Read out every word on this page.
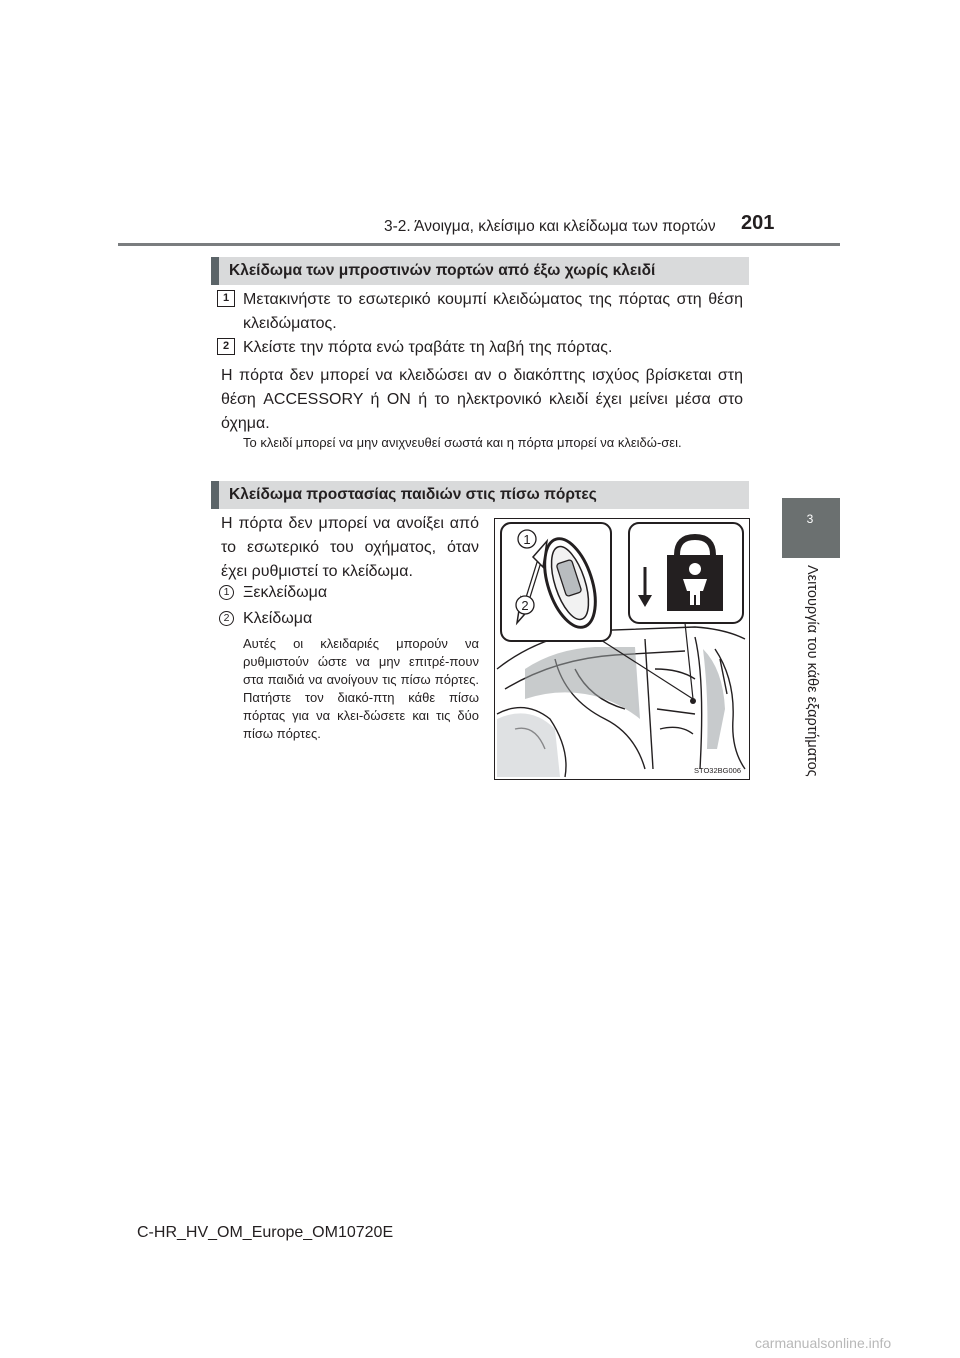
3-2. Άνοιγμα, κλείσιμο και κλείδωμα των πορτών 201
3
Λειτουργία του κάθε εξαρτήματος
Κλείδωμα των μπροστινών πορτών από έξω χωρίς κλειδί
1 Μετακινήστε το εσωτερικό κουμπί κλειδώματος της πόρτας στη θέση κλειδώματος.
2 Κλείστε την πόρτα ενώ τραβάτε τη λαβή της πόρτας.
Η πόρτα δεν μπορεί να κλειδώσει αν ο διακόπτης ισχύος βρίσκεται στη θέση ACCESSORY ή ON ή το ηλεκτρονικό κλειδί έχει μείνει μέσα στο όχημα.
Το κλειδί μπορεί να μην ανιχνευθεί σωστά και η πόρτα μπορεί να κλειδώ-σει.
Κλείδωμα προστασίας παιδιών στις πίσω πόρτες
Η πόρτα δεν μπορεί να ανοίξει από το εσωτερικό του οχήματος, όταν έχει ρυθμιστεί το κλείδωμα.
1 Ξεκλείδωμα
2 Κλείδωμα
Αυτές οι κλειδαριές μπορούν να ρυθμιστούν ώστε να μην επιτρέ-πουν στα παιδιά να ανοίγουν τις πίσω πόρτες. Πατήστε τον διακό-πτη κάθε πίσω πόρτας για να κλει-δώσετε και τις δύο πίσω πόρτες.
1
2
STO32BG006
C-HR_HV_OM_Europe_OM10720E
carmanualsonline.info
